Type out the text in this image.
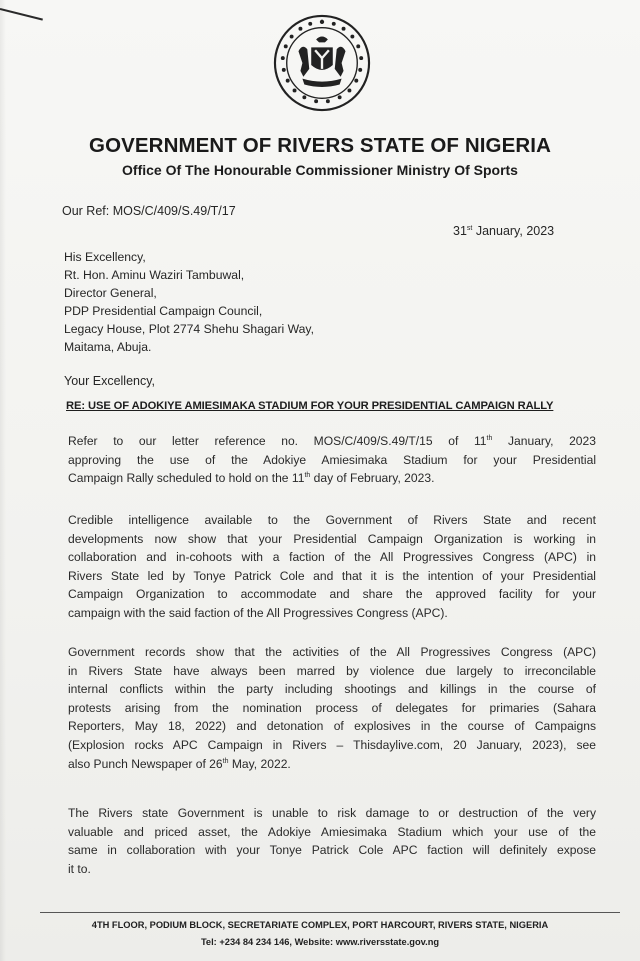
GOVERNMENT OF RIVERS STATE OF NIGERIA
Office Of The Honourable Commissioner Ministry Of Sports
Our Ref: MOS/C/409/S.49/T/17
31st January, 2023
His Excellency,
Rt. Hon. Aminu Waziri Tambuwal,
Director General,
PDP Presidential Campaign Council,
Legacy House, Plot 2774 Shehu Shagari Way,
Maitama, Abuja.
Your Excellency,
RE: USE OF ADOKIYE AMIESIMAKA STADIUM FOR YOUR PRESIDENTIAL CAMPAIGN RALLY
Refer to our letter reference no. MOS/C/409/S.49/T/15 of 11th January, 2023
approving the use of the Adokiye Amiesimaka Stadium for your Presidential
Campaign Rally scheduled to hold on the 11th day of February, 2023.
Credible intelligence available to the Government of Rivers State and recent
developments now show that your Presidential Campaign Organization is working in
collaboration and in-cohoots with a faction of the All Progressives Congress (APC) in
Rivers State led by Tonye Patrick Cole and that it is the intention of your Presidential
Campaign Organization to accommodate and share the approved facility for your
campaign with the said faction of the All Progressives Congress (APC).
Government records show that the activities of the All Progressives Congress (APC)
in Rivers State have always been marred by violence due largely to irreconcilable
internal conflicts within the party including shootings and killings in the course of
protests arising from the nomination process of delegates for primaries (Sahara
Reporters, May 18, 2022) and detonation of explosives in the course of Campaigns
(Explosion rocks APC Campaign in Rivers – Thisdaylive.com, 20 January, 2023), see
also Punch Newspaper of 26th May, 2022.
The Rivers state Government is unable to risk damage to or destruction of the very
valuable and priced asset, the Adokiye Amiesimaka Stadium which your use of the
same in collaboration with your Tonye Patrick Cole APC faction will definitely expose
it to.
4TH FLOOR, PODIUM BLOCK, SECRETARIATE COMPLEX, PORT HARCOURT, RIVERS STATE, NIGERIA
Tel: +234 84 234 146, Website: www.riversstate.gov.ng
